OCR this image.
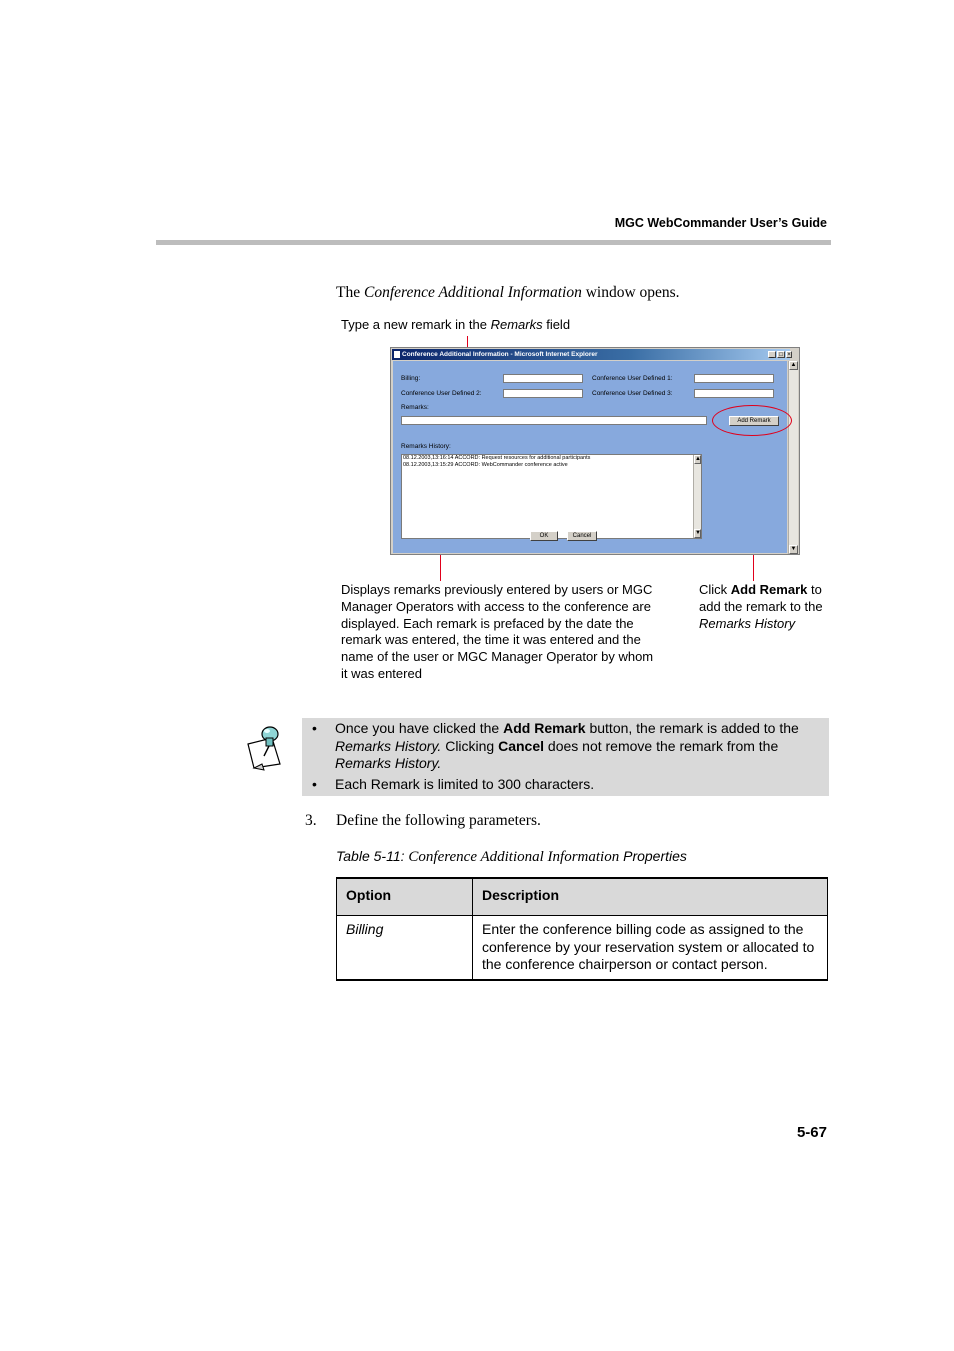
MGC WebCommander User’s Guide
The Conference Additional Information window opens.
Type a new remark in the Remarks field
Conference Additional Information - Microsoft Internet Explorer	_ □ ×
Billing:	Conference User Defined 1:
Conference User Defined 2:	Conference User Defined 3:
Remarks:
Add Remark
Remarks History:
08.12.2003,13:16:14 ACCORD: Request resources for additional participants
08.12.2003,13:15:29 ACCORD: WebCommander conference active
▲
▼
OK	Cancel
▲
▼
Displays remarks previously entered by users or MGC Manager Operators with access to the conference are displayed. Each remark is prefaced by the date the remark was entered, the time it was entered and the name of the user or MGC Manager Operator by whom it was entered
Click Add Remark to add the remark to the Remarks History
• Once you have clicked the Add Remark button, the remark is added to the Remarks History. Clicking Cancel does not remove the remark from the Remarks History.
• Each Remark is limited to 300 characters.
3. Define the following parameters.
Table 5-11: Conference Additional Information Properties
Option	Description
Billing	Enter the conference billing code as assigned to the conference by your reservation system or allocated to the conference chairperson or contact person.
5-67
